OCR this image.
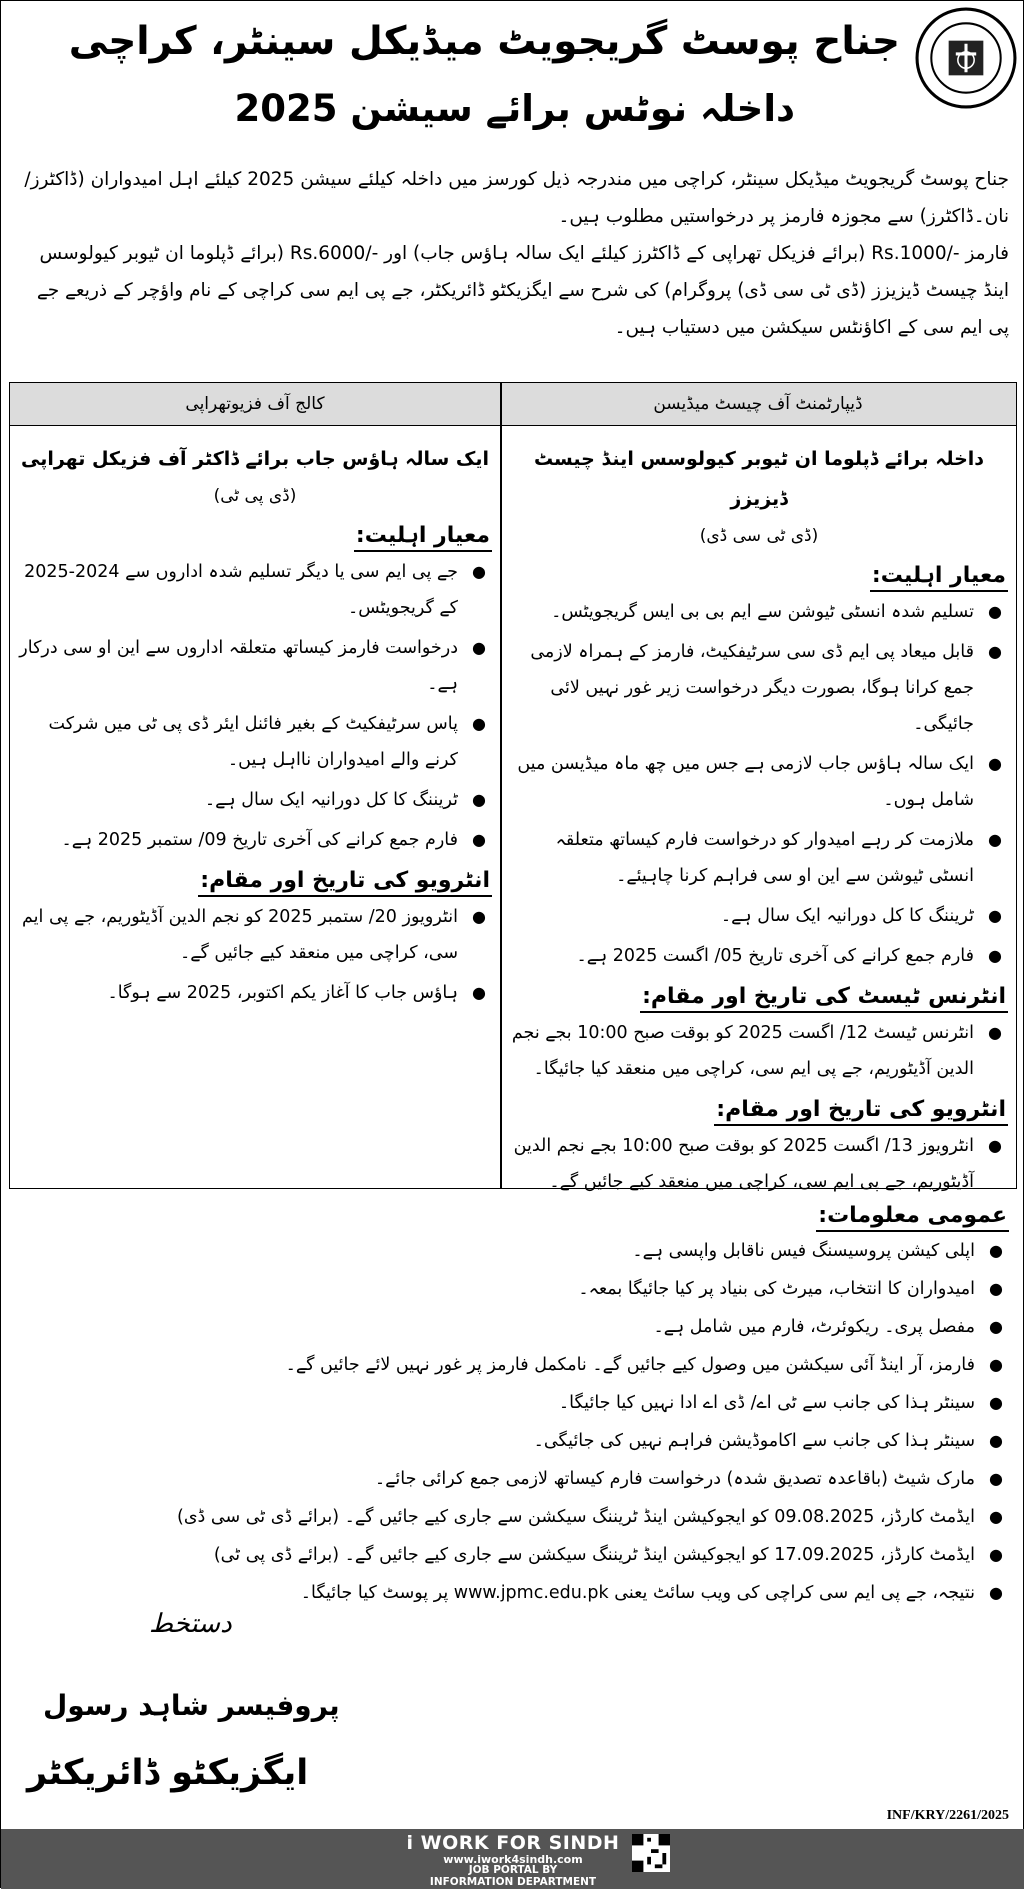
جناح پوسٹ گریجویٹ میڈیکل سینٹر، کراچی
داخلہ نوٹس برائے سیشن 2025
جناح پوسٹ گریجویٹ میڈیکل سینٹر، کراچی میں مندرجہ ذیل کورسز میں داخلہ کیلئے سیشن 2025 کیلئے اہل امیدواران (ڈاکٹرز/ نان۔ڈاکٹرز) سے مجوزہ فارمز پر درخواستیں مطلوب ہیں۔
فارمز -/Rs.1000 (برائے فزیکل تھراپی کے ڈاکٹرز کیلئے ایک سالہ ہاؤس جاب) اور -/Rs.6000 (برائے ڈپلوما ان ٹیوبر کیولوسس اینڈ چیسٹ ڈیزیزز (ڈی ٹی سی ڈی) پروگرام) کی شرح سے ایگزیکٹو ڈائریکٹر، جے پی ایم سی کراچی کے نام واؤچر کے ذریعے جے پی ایم سی کے اکاؤنٹس سیکشن میں دستیاب ہیں۔
ڈیپارٹمنٹ آف چیسٹ میڈیسن
کالج آف فزیوتھراپی
داخلہ برائے ڈپلوما ان ٹیوبر کیولوسس اینڈ چیسٹ ڈیزیزز
(ڈی ٹی سی ڈی)
معیار اہلیت:
● تسلیم شدہ انسٹی ٹیوشن سے ایم بی بی ایس گریجویٹس۔
● قابل میعاد پی ایم ڈی سی سرٹیفکیٹ، فارمز کے ہمراہ لازمی جمع کرانا ہوگا، بصورت دیگر درخواست زیر غور نہیں لائی جائیگی۔
● ایک سالہ ہاؤس جاب لازمی ہے جس میں چھ ماہ میڈیسن میں شامل ہوں۔
● ملازمت کر رہے امیدوار کو درخواست فارم کیساتھ متعلقہ انسٹی ٹیوشن سے این او سی فراہم کرنا چاہیئے۔
● ٹریننگ کا کل دورانیہ ایک سال ہے۔
● فارم جمع کرانے کی آخری تاریخ 05/ اگست 2025 ہے۔
انٹرنس ٹیسٹ کی تاریخ اور مقام:
● انٹرنس ٹیسٹ 12/ اگست 2025 کو بوقت صبح 10:00 بجے نجم الدین آڈیٹوریم، جے پی ایم سی، کراچی میں منعقد کیا جائیگا۔
انٹرویو کی تاریخ اور مقام:
● انٹرویوز 13/ اگست 2025 کو بوقت صبح 10:00 بجے نجم الدین آڈیٹوریم، جے پی ایم سی، کراچی میں منعقد کیے جائیں گے۔
ایک سالہ ہاؤس جاب برائے ڈاکٹر آف فزیکل تھراپی
(ڈی پی ٹی)
معیار اہلیت:
● جے پی ایم سی یا دیگر تسلیم شدہ اداروں سے 2024-2025 کے گریجویٹس۔
● درخواست فارمز کیساتھ متعلقہ اداروں سے این او سی درکار ہے۔
● پاس سرٹیفکیٹ کے بغیر فائنل ایئر ڈی پی ٹی میں شرکت کرنے والے امیدواران نااہل ہیں۔
● ٹریننگ کا کل دورانیہ ایک سال ہے۔
● فارم جمع کرانے کی آخری تاریخ 09/ ستمبر 2025 ہے۔
انٹرویو کی تاریخ اور مقام:
● انٹرویوز 20/ ستمبر 2025 کو نجم الدین آڈیٹوریم، جے پی ایم سی، کراچی میں منعقد کیے جائیں گے۔
● ہاؤس جاب کا آغاز یکم اکتوبر، 2025 سے ہوگا۔
عمومی معلومات:
● اپلی کیشن پروسیسنگ فیس ناقابل واپسی ہے۔
● امیدواران کا انتخاب، میرٹ کی بنیاد پر کیا جائیگا بمعہ۔
● مفصل پری۔ ریکوئرٹ، فارم میں شامل ہے۔
● فارمز، آر اینڈ آئی سیکشن میں وصول کیے جائیں گے۔ نامکمل فارمز پر غور نہیں لائے جائیں گے۔
● سینٹر ہذا کی جانب سے ٹی اے/ ڈی اے ادا نہیں کیا جائیگا۔
● سینٹر ہذا کی جانب سے اکاموڈیشن فراہم نہیں کی جائیگی۔
● مارک شیٹ (باقاعدہ تصدیق شدہ) درخواست فارم کیساتھ لازمی جمع کرائی جائے۔
● ایڈمٹ کارڈز، 09.08.2025 کو ایجوکیشن اینڈ ٹریننگ سیکشن سے جاری کیے جائیں گے۔ (برائے ڈی ٹی سی ڈی)
● ایڈمٹ کارڈز، 17.09.2025 کو ایجوکیشن اینڈ ٹریننگ سیکشن سے جاری کیے جائیں گے۔ (برائے ڈی پی ٹی)
● نتیجہ، جے پی ایم سی کراچی کی ویب سائٹ یعنی www.jpmc.edu.pk پر پوسٹ کیا جائیگا۔
دستخط
پروفیسر شاہد رسول
ایگزیکٹو ڈائریکٹر
INF/KRY/2261/2025
i WORK FOR SINDH
www.iwork4sindh.com
JOB PORTAL BY
INFORMATION DEPARTMENT
